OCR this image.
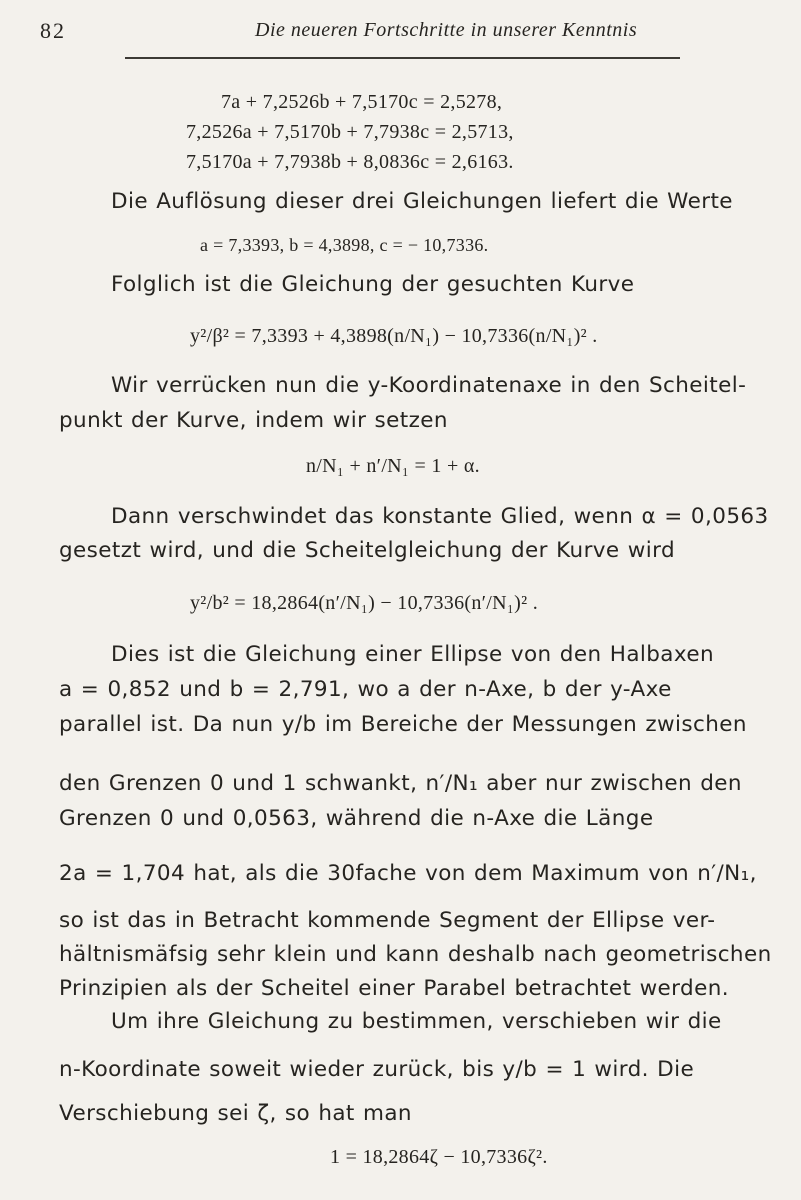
82	Die neueren Fortschritte in unserer Kenntnis
7a + 7,2526b + 7,5170c = 2,5278,
7,2526a + 7,5170b + 7,7938c = 2,5713,
7,5170a + 7,7938b + 8,0836c = 2,6163.
Die Auflösung dieser drei Gleichungen liefert die Werte
a = 7,3393, b = 4,3898, c = − 10,7336.
Folglich ist die Gleichung der gesuchten Kurve
y²/β² = 7,3393 + 4,3898(n/N₁) − 10,7336(n/N₁)² .
Wir verrücken nun die y-Koordinatenaxe in den Scheitel-
punkt der Kurve, indem wir setzen
n/N₁ + n′/N₁ = 1 + α.
Dann verschwindet das konstante Glied, wenn α = 0,0563
gesetzt wird, und die Scheitelgleichung der Kurve wird
y²/b² = 18,2864(n′/N₁) − 10,7336(n′/N₁)² .
Dies ist die Gleichung einer Ellipse von den Halbaxen
a = 0,852 und b = 2,791, wo a der n-Axe, b der y-Axe
parallel ist. Da nun y/b im Bereiche der Messungen zwischen
den Grenzen 0 und 1 schwankt, n′/N₁ aber nur zwischen den
Grenzen 0 und 0,0563, während die n-Axe die Länge
2a = 1,704 hat, als die 30fache von dem Maximum von n′/N₁,
so ist das in Betracht kommende Segment der Ellipse ver-
hältnismäfsig sehr klein und kann deshalb nach geometrischen
Prinzipien als der Scheitel einer Parabel betrachtet werden.
Um ihre Gleichung zu bestimmen, verschieben wir die
n-Koordinate soweit wieder zurück, bis y/b = 1 wird. Die
Verschiebung sei ζ, so hat man
1 = 18,2864ζ − 10,7336ζ².
